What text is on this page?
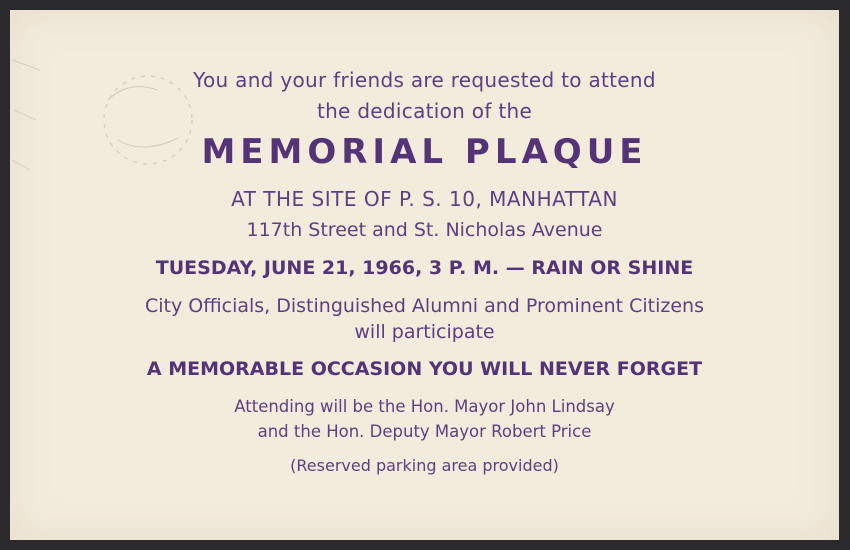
You and your friends are requested to attend
the dedication of the
MEMORIAL PLAQUE
AT THE SITE OF P. S. 10, MANHATTAN
117th Street and St. Nicholas Avenue
TUESDAY, JUNE 21, 1966, 3 P. M. — RAIN OR SHINE
City Officials, Distinguished Alumni and Prominent Citizens
will participate
A MEMORABLE OCCASION YOU WILL NEVER FORGET
Attending will be the Hon. Mayor John Lindsay
and the Hon. Deputy Mayor Robert Price
(Reserved parking area provided)
